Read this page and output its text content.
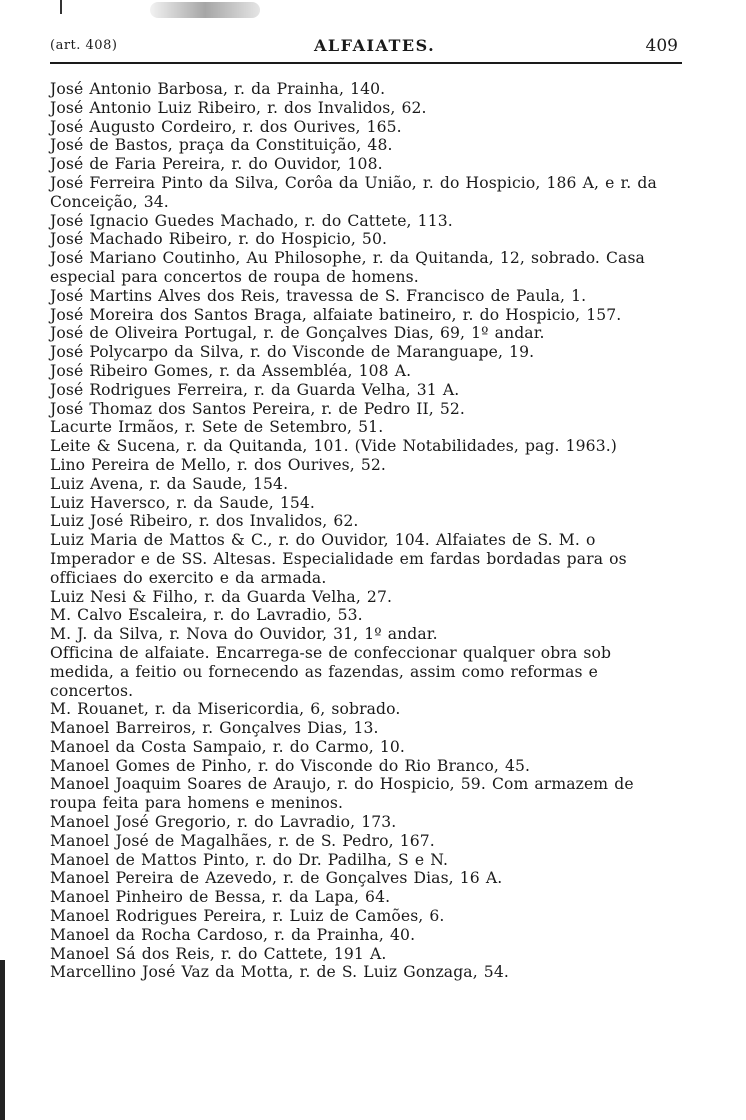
(art. 408)	ALFAIATES.	409
José Antonio Barbosa, r. da Prainha, 140.
José Antonio Luiz Ribeiro, r. dos Invalidos, 62.
José Augusto Cordeiro, r. dos Ourives, 165.
José de Bastos, praça da Constituição, 48.
José de Faria Pereira, r. do Ouvidor, 108.
José Ferreira Pinto da Silva, Corôa da União, r. do Hospicio, 186 A, e r. da
Conceição, 34.
José Ignacio Guedes Machado, r. do Cattete, 113.
José Machado Ribeiro, r. do Hospicio, 50.
José Mariano Coutinho, Au Philosophe, r. da Quitanda, 12, sobrado. Casa
especial para concertos de roupa de homens.
José Martins Alves dos Reis, travessa de S. Francisco de Paula, 1.
José Moreira dos Santos Braga, alfaiate batineiro, r. do Hospicio, 157.
José de Oliveira Portugal, r. de Gonçalves Dias, 69, 1º andar.
José Polycarpo da Silva, r. do Visconde de Maranguape, 19.
José Ribeiro Gomes, r. da Assembléa, 108 A.
José Rodrigues Ferreira, r. da Guarda Velha, 31 A.
José Thomaz dos Santos Pereira, r. de Pedro II, 52.
Lacurte Irmãos, r. Sete de Setembro, 51.
Leite & Sucena, r. da Quitanda, 101. (Vide Notabilidades, pag. 1963.)
Lino Pereira de Mello, r. dos Ourives, 52.
Luiz Avena, r. da Saude, 154.
Luiz Haversco, r. da Saude, 154.
Luiz José Ribeiro, r. dos Invalidos, 62.
Luiz Maria de Mattos & C., r. do Ouvidor, 104. Alfaiates de S. M. o
Imperador e de SS. Altesas. Especialidade em fardas bordadas para os
officiaes do exercito e da armada.
Luiz Nesi & Filho, r. da Guarda Velha, 27.
M. Calvo Escaleira, r. do Lavradio, 53.
M. J. da Silva, r. Nova do Ouvidor, 31, 1º andar.
Officina de alfaiate. Encarrega-se de confeccionar qualquer obra sob
medida, a feitio ou fornecendo as fazendas, assim como reformas e
concertos.
M. Rouanet, r. da Misericordia, 6, sobrado.
Manoel Barreiros, r. Gonçalves Dias, 13.
Manoel da Costa Sampaio, r. do Carmo, 10.
Manoel Gomes de Pinho, r. do Visconde do Rio Branco, 45.
Manoel Joaquim Soares de Araujo, r. do Hospicio, 59. Com armazem de
roupa feita para homens e meninos.
Manoel José Gregorio, r. do Lavradio, 173.
Manoel José de Magalhães, r. de S. Pedro, 167.
Manoel de Mattos Pinto, r. do Dr. Padilha, S e N.
Manoel Pereira de Azevedo, r. de Gonçalves Dias, 16 A.
Manoel Pinheiro de Bessa, r. da Lapa, 64.
Manoel Rodrigues Pereira, r. Luiz de Camões, 6.
Manoel da Rocha Cardoso, r. da Prainha, 40.
Manoel Sá dos Reis, r. do Cattete, 191 A.
Marcellino José Vaz da Motta, r. de S. Luiz Gonzaga, 54.
